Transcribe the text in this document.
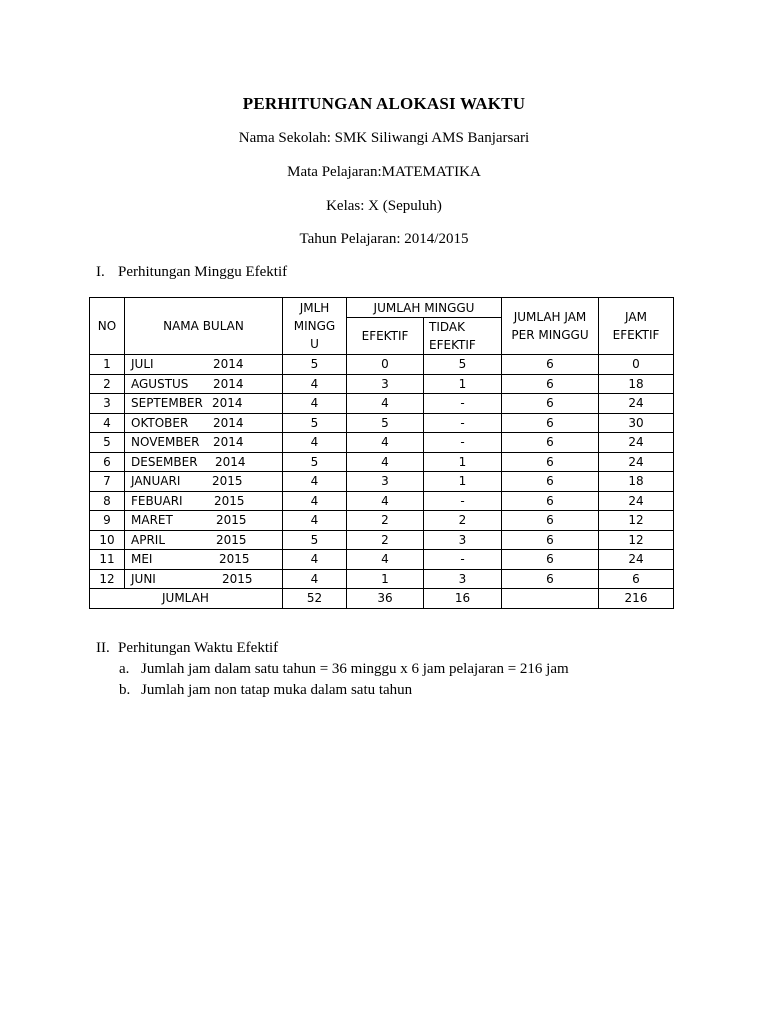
PERHITUNGAN ALOKASI WAKTU
Nama Sekolah: SMK Siliwangi AMS Banjarsari
Mata Pelajaran:MATEMATIKA
Kelas: X (Sepuluh)
Tahun Pelajaran: 2014/2015
I. Perhitungan Minggu Efektif
NO	NAMA BULAN	JMLH MINGG U	JUMLAH MINGGU		JUMLAH JAM PER MINGGU	JAM EFEKTIF
			EFEKTIF	TIDAK EFEKTIF		

1	JULI 2014	5	0	5	6	0
2	AGUSTUS 2014	4	3	1	6	18
3	SEPTEMBER 2014	4	4	-	6	24
4	OKTOBER 2014	5	5	-	6	30
5	NOVEMBER 2014	4	4	-	6	24
6	DESEMBER 2014	5	4	1	6	24
7	JANUARI 2015	4	3	1	6	18
8	FEBUARI 2015	4	4	-	6	24
9	MARET 2015	4	2	2	6	12
10	APRIL 2015	5	2	3	6	12
11	MEI 2015	4	4	-	6	24
12	JUNI 2015	4	1	3	6	6
JUMLAH		52	36	16		216
II. Perhitungan Waktu Efektif
a. Jumlah jam dalam satu tahun = 36 minggu x 6 jam pelajaran = 216 jam
b. Jumlah jam non tatap muka dalam satu tahun
